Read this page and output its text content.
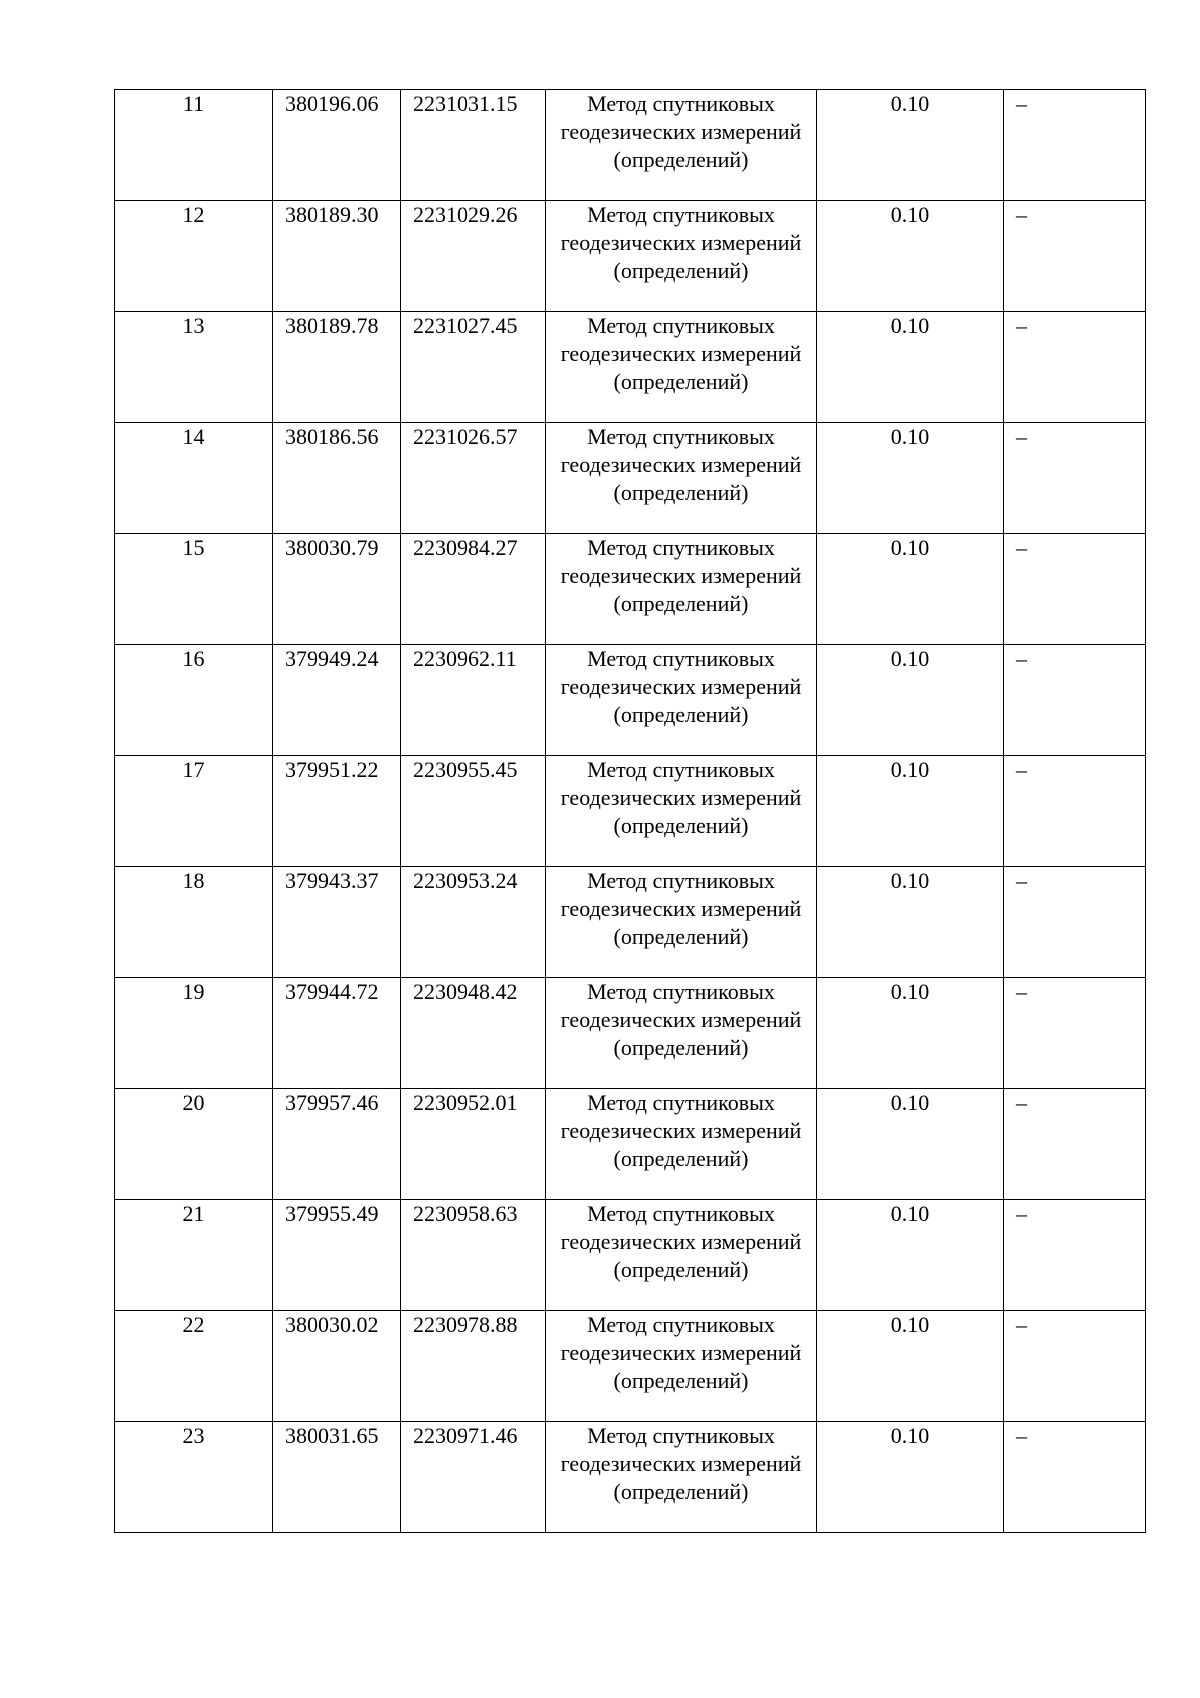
11	380196.06	2231031.15	Метод спутниковых геодезических измерений (определений)	0.10	–

12	380189.30	2231029.26	Метод спутниковых геодезических измерений (определений)	0.10	–

13	380189.78	2231027.45	Метод спутниковых геодезических измерений (определений)	0.10	–

14	380186.56	2231026.57	Метод спутниковых геодезических измерений (определений)	0.10	–

15	380030.79	2230984.27	Метод спутниковых геодезических измерений (определений)	0.10	–

16	379949.24	2230962.11	Метод спутниковых геодезических измерений (определений)	0.10	–

17	379951.22	2230955.45	Метод спутниковых геодезических измерений (определений)	0.10	–

18	379943.37	2230953.24	Метод спутниковых геодезических измерений (определений)	0.10	–

19	379944.72	2230948.42	Метод спутниковых геодезических измерений (определений)	0.10	–

20	379957.46	2230952.01	Метод спутниковых геодезических измерений (определений)	0.10	–

21	379955.49	2230958.63	Метод спутниковых геодезических измерений (определений)	0.10	–

22	380030.02	2230978.88	Метод спутниковых геодезических измерений (определений)	0.10	–

23	380031.65	2230971.46	Метод спутниковых геодезических измерений (определений)	0.10	–
